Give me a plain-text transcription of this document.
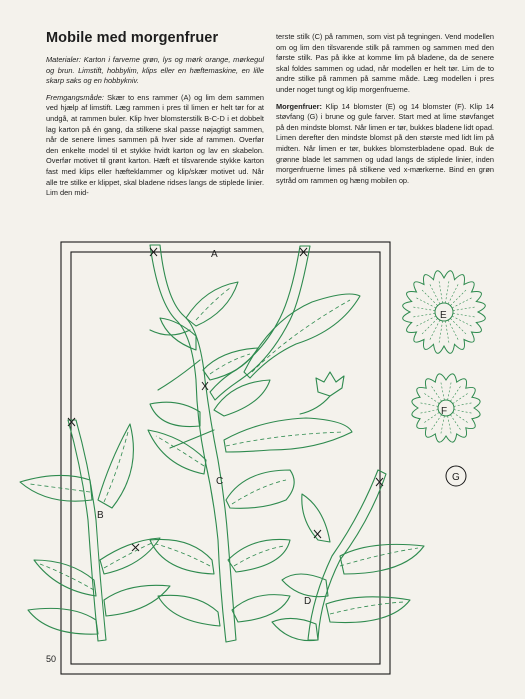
Mobile med morgenfruer

Materialer: Karton i farverne grøn, lys og mørk orange, mørkegul og brun. Limstift, hobbylim, klips eller en hæftemaskine, en lille skarp saks og en hobbykniv.

Fremgangsmåde: Skær to ens rammer (A) og lim dem sammen ved hjælp af limstift. Læg rammen i pres til limen er helt tør for at undgå, at rammen buler. Klip hver blomsterstilk B-C-D i et dobbelt lag karton på én gang, da stilkene skal passe nøjagtigt sammen, når de senere limes sammen på hver side af rammen. Overfør den enkelte model til et stykke hvidt karton og lav en skabelon. Overfør motivet til grønt karton. Hæft et tilsvarende stykke karton fast med klips eller hæfteklammer og klip/skær motivet ud. Når alle tre stilke er klippet, skal bladene ridses langs de stiplede linier. Lim den mid-

terste stilk (C) på rammen, som vist på tegningen. Vend modellen om og lim den tilsvarende stilk på rammen og sammen med den første stilk. Pas på ikke at komme lim på bladene, da de senere skal foldes sammen og udad, når modellen er helt tør. Lim de to andre stilke på rammen på samme måde. Læg modellen i pres under noget tungt og klip morgenfruerne.

Morgenfruer: Klip 14 blomster (E) og 14 blomster (F). Klip 14 støvfang (G) i brune og gule farver. Start med at lime støvfanget på den mindste blomst. Når limen er tør, bukkes bladene lidt opad. Limen derefter den mindste blomst på den største med lidt lim på midten. Når limen er tør, bukkes blomsterbladene opad. Buk de grønne blade let sammen og udad langs de stiplede linier, inden morgenfruerne limes på stilkene ved x-mærkerne. Bind en grøn sytråd om rammen og hæng mobilen op.

A
B
C
D
E
F
G
50
